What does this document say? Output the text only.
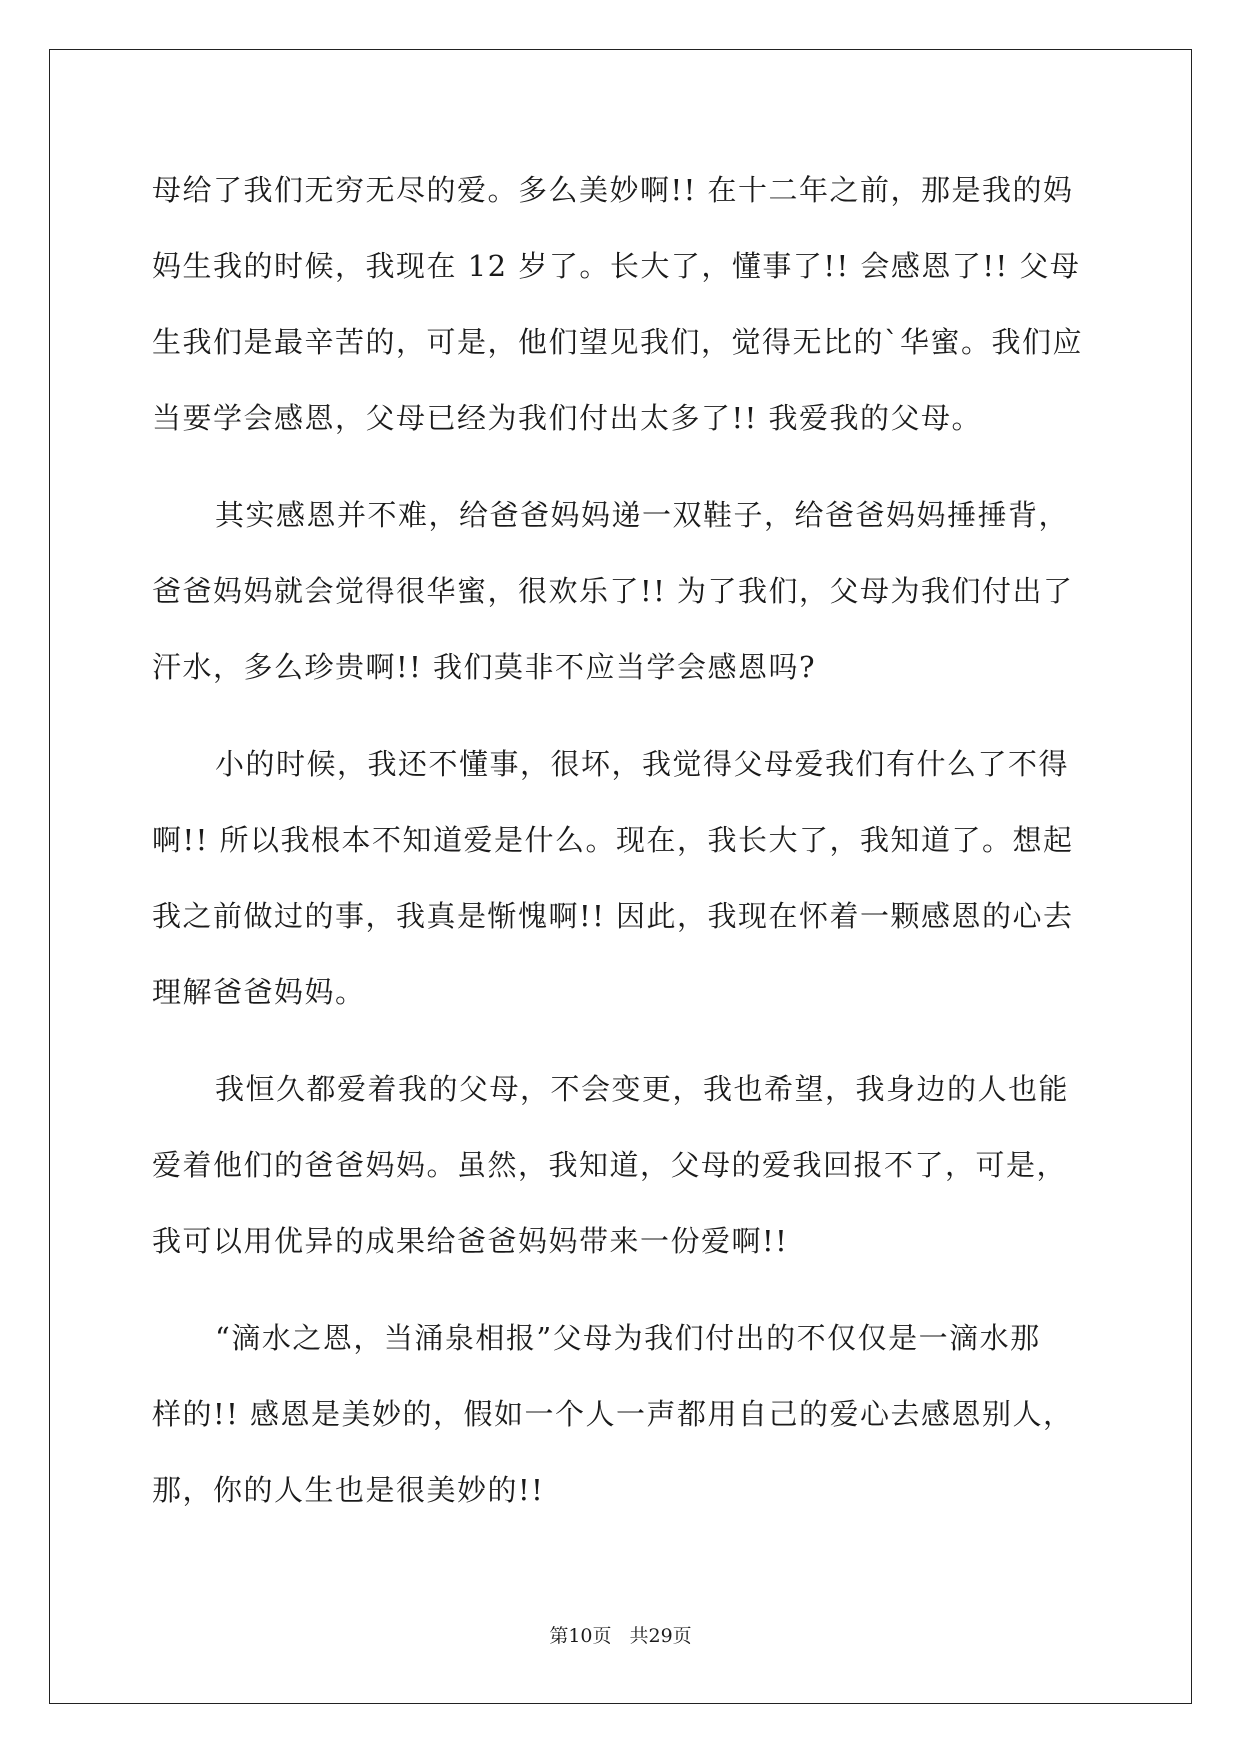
母给了我们无穷无尽的爱。多么美妙啊!! 在十二年之前，那是我的妈
妈生我的时候，我现在 12 岁了。长大了，懂事了!! 会感恩了!! 父母
生我们是最辛苦的，可是，他们望见我们，觉得无比的`华蜜。我们应
当要学会感恩，父母已经为我们付出太多了!! 我爱我的父母。
其实感恩并不难，给爸爸妈妈递一双鞋子，给爸爸妈妈捶捶背，
爸爸妈妈就会觉得很华蜜，很欢乐了!! 为了我们，父母为我们付出了
汗水，多么珍贵啊!! 我们莫非不应当学会感恩吗?
小的时候，我还不懂事，很坏，我觉得父母爱我们有什么了不得
啊!! 所以我根本不知道爱是什么。现在，我长大了，我知道了。想起
我之前做过的事，我真是惭愧啊!! 因此，我现在怀着一颗感恩的心去
理解爸爸妈妈。
我恒久都爱着我的父母，不会变更，我也希望，我身边的人也能
爱着他们的爸爸妈妈。虽然，我知道，父母的爱我回报不了，可是，
我可以用优异的成果给爸爸妈妈带来一份爱啊!!
“滴水之恩，当涌泉相报”父母为我们付出的不仅仅是一滴水那
样的!! 感恩是美妙的，假如一个人一声都用自己的爱心去感恩别人，
那，你的人生也是很美妙的!!
第10页 共29页
